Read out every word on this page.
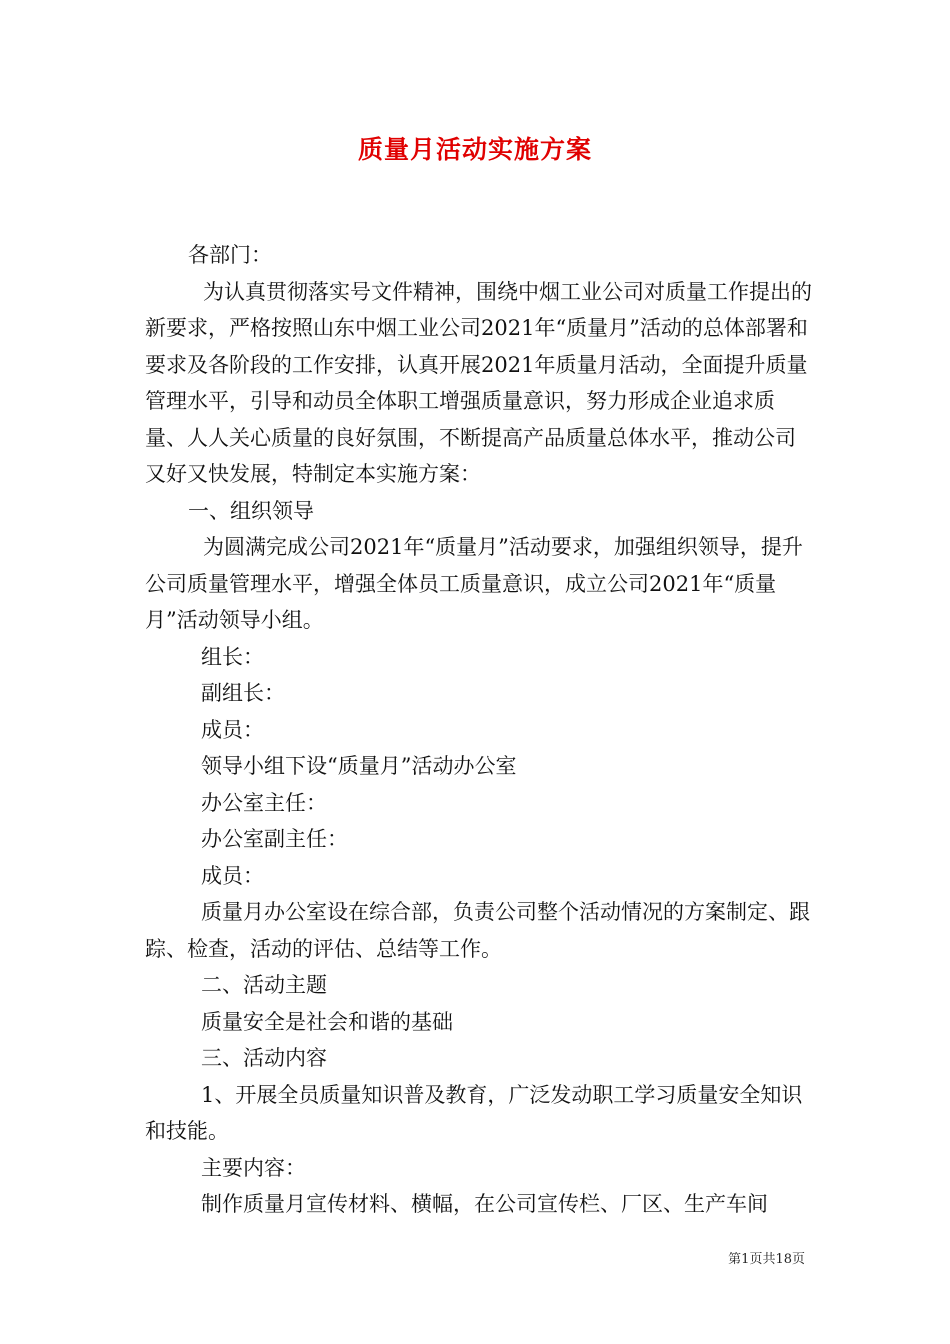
质量月活动实施方案

各部门：

为认真贯彻落实号文件精神，围绕中烟工业公司对质量工作提出的新要求，严格按照山东中烟工业公司2021年“质量月”活动的总体部署和要求及各阶段的工作安排，认真开展2021年质量月活动，全面提升质量管理水平，引导和动员全体职工增强质量意识，努力形成企业追求质量、人人关心质量的良好氛围，不断提高产品质量总体水平，推动公司又好又快发展，特制定本实施方案：

一、组织领导

为圆满完成公司2021年“质量月”活动要求，加强组织领导，提升公司质量管理水平，增强全体员工质量意识，成立公司2021年“质量月”活动领导小组。

组长：

副组长：

成员：

领导小组下设“质量月”活动办公室

办公室主任：

办公室副主任：

成员：

质量月办公室设在综合部，负责公司整个活动情况的方案制定、跟踪、检查，活动的评估、总结等工作。

二、活动主题

质量安全是社会和谐的基础

三、活动内容

1、开展全员质量知识普及教育，广泛发动职工学习质量安全知识和技能。

主要内容：

制作质量月宣传材料、横幅，在公司宣传栏、厂区、生产车间

第1页共18页
